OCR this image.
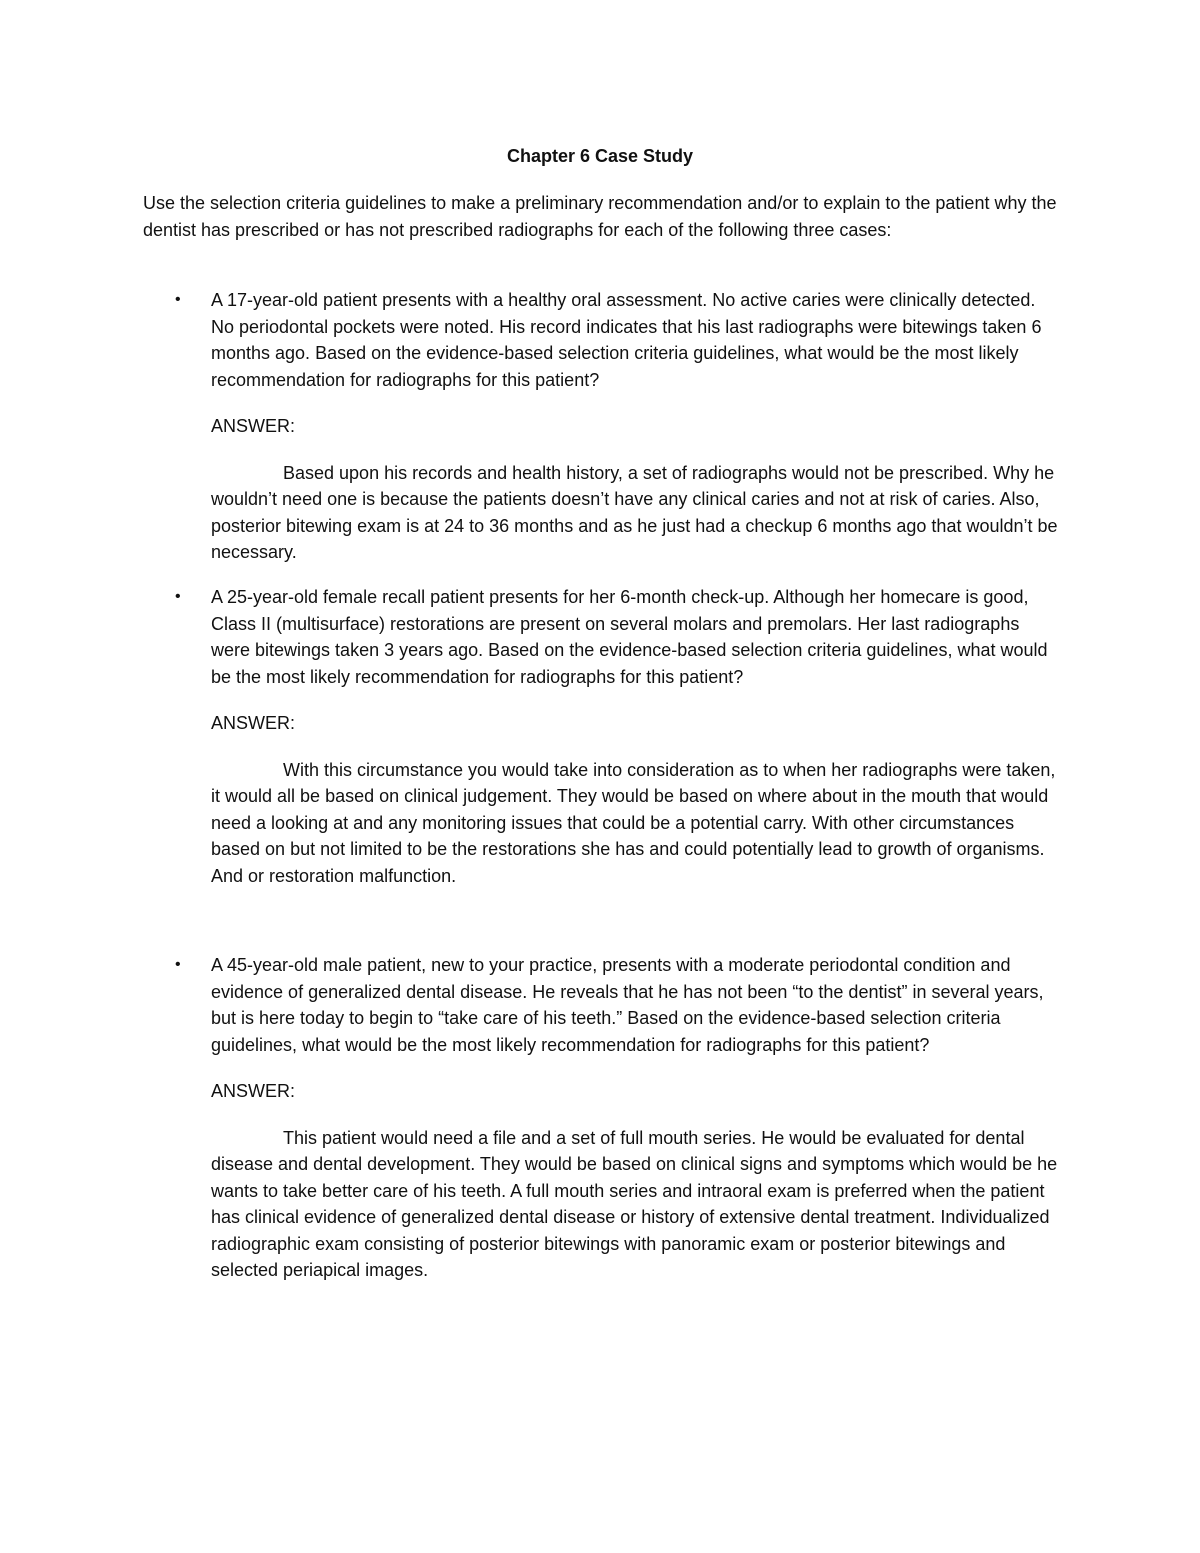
Chapter 6 Case Study

Use the selection criteria guidelines to make a preliminary recommendation and/or to explain to the patient why the dentist has prescribed or has not prescribed radiographs for each of the following three cases:

• A 17-year-old patient presents with a healthy oral assessment. No active caries were clinically detected. No periodontal pockets were noted. His record indicates that his last radiographs were bitewings taken 6 months ago. Based on the evidence-based selection criteria guidelines, what would be the most likely recommendation for radiographs for this patient?

ANSWER:

Based upon his records and health history, a set of radiographs would not be prescribed. Why he wouldn’t need one is because the patients doesn’t have any clinical caries and not at risk of caries. Also, posterior bitewing exam is at 24 to 36 months and as he just had a checkup 6 months ago that wouldn’t be necessary.

• A 25-year-old female recall patient presents for her 6-month check-up. Although her homecare is good, Class II (multisurface) restorations are present on several molars and premolars. Her last radiographs were bitewings taken 3 years ago. Based on the evidence-based selection criteria guidelines, what would be the most likely recommendation for radiographs for this patient?

ANSWER:

With this circumstance you would take into consideration as to when her radiographs were taken, it would all be based on clinical judgement. They would be based on where about in the mouth that would need a looking at and any monitoring issues that could be a potential carry. With other circumstances based on but not limited to be the restorations she has and could potentially lead to growth of organisms. And or restoration malfunction.

• A 45-year-old male patient, new to your practice, presents with a moderate periodontal condition and evidence of generalized dental disease. He reveals that he has not been “to the dentist” in several years, but is here today to begin to “take care of his teeth.” Based on the evidence-based selection criteria guidelines, what would be the most likely recommendation for radiographs for this patient?

ANSWER:

This patient would need a file and a set of full mouth series. He would be evaluated for dental disease and dental development. They would be based on clinical signs and symptoms which would be he wants to take better care of his teeth. A full mouth series and intraoral exam is preferred when the patient has clinical evidence of generalized dental disease or history of extensive dental treatment. Individualized radiographic exam consisting of posterior bitewings with panoramic exam or posterior bitewings and selected periapical images.
